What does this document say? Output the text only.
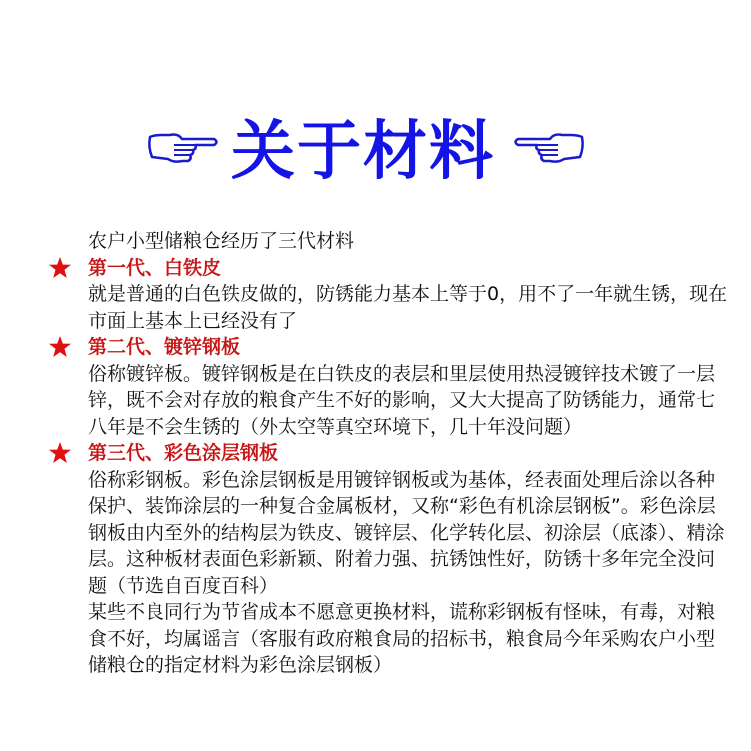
关于材料

农户小型储粮仓经历了三代材料

第一代、白铁皮

就是普通的白色铁皮做的，防锈能力基本上等于0，用不了一年就生锈，现在市面上基本上已经没有了

第二代、镀锌钢板

俗称镀锌板。镀锌钢板是在白铁皮的表层和里层使用热浸镀锌技术镀了一层锌，既不会对存放的粮食产生不好的影响，又大大提高了防锈能力，通常七八年是不会生锈的（外太空等真空环境下，几十年没问题）

第三代、彩色涂层钢板

俗称彩钢板。彩色涂层钢板是用镀锌钢板或为基体，经表面处理后涂以各种保护、装饰涂层的一种复合金属板材，又称“彩色有机涂层钢板”。彩色涂层钢板由内至外的结构层为铁皮、镀锌层、化学转化层、初涂层（底漆）、精涂层。这种板材表面色彩新颖、附着力强、抗锈蚀性好，防锈十多年完全没问题（节选自百度百科）

某些不良同行为节省成本不愿意更换材料，谎称彩钢板有怪味，有毒，对粮食不好，均属谣言（客服有政府粮食局的招标书，粮食局今年采购农户小型储粮仓的指定材料为彩色涂层钢板）
